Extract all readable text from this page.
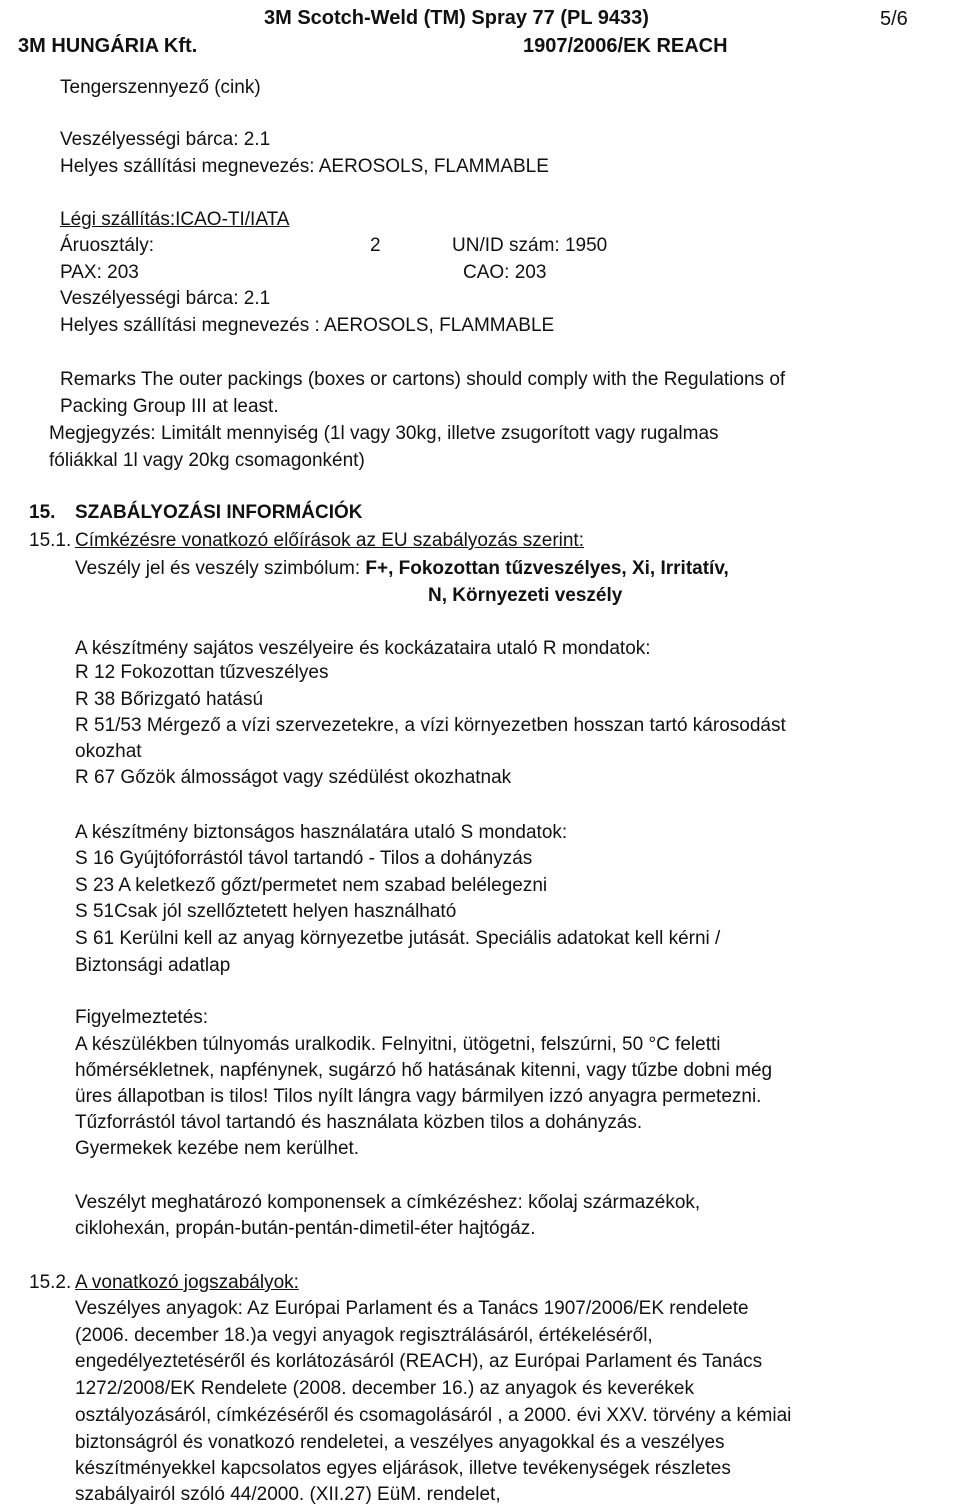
3M Scotch-Weld (TM) Spray 77 (PL 9433)	5/6
3M HUNGÁRIA Kft.	1907/2006/EK REACH
Tengerszennyező (cink)
Veszélyességi bárca: 2.1
Helyes szállítási megnevezés: AEROSOLS, FLAMMABLE
Légi szállítás:ICAO-TI/IATA
Áruosztály:	2	UN/ID szám: 1950
PAX: 203	CAO: 203
Veszélyességi bárca: 2.1
Helyes szállítási megnevezés : AEROSOLS, FLAMMABLE
Remarks The outer packings (boxes or cartons) should comply with the Regulations of
Packing Group III at least.
Megjegyzés: Limitált mennyiség (1l vagy 30kg, illetve zsugorított vagy rugalmas
fóliákkal 1l vagy 20kg csomagonként)
15. SZABÁLYOZÁSI INFORMÁCIÓK
15.1. Címkézésre vonatkozó előírások az EU szabályozás szerint:
Veszély jel és veszély szimbólum: F+, Fokozottan tűzveszélyes, Xi, Irritatív,
N, Környezeti veszély
A készítmény sajátos veszélyeire és kockázataira utaló R mondatok:
R 12 Fokozottan tűzveszélyes
R 38 Bőrizgató hatású
R 51/53 Mérgező a vízi szervezetekre, a vízi környezetben hosszan tartó károsodást
okozhat
R 67 Gőzök álmosságot vagy szédülést okozhatnak
A készítmény biztonságos használatára utaló S mondatok:
S 16 Gyújtóforrástól távol tartandó - Tilos a dohányzás
S 23 A keletkező gőzt/permetet nem szabad belélegezni
S 51Csak jól szellőztetett helyen használható
S 61 Kerülni kell az anyag környezetbe jutását. Speciális adatokat kell kérni /
Biztonsági adatlap
Figyelmeztetés:
A készülékben túlnyomás uralkodik. Felnyitni, ütögetni, felszúrni, 50 °C feletti
hőmérsékletnek, napfénynek, sugárzó hő hatásának kitenni, vagy tűzbe dobni még
üres állapotban is tilos! Tilos nyílt lángra vagy bármilyen izzó anyagra permetezni.
Tűzforrástól távol tartandó és használata közben tilos a dohányzás.
Gyermekek kezébe nem kerülhet.
Veszélyt meghatározó komponensek a címkézéshez: kőolaj származékok,
ciklohexán, propán-bután-pentán-dimetil-éter hajtógáz.
15.2. A vonatkozó jogszabályok:
Veszélyes anyagok: Az Európai Parlament és a Tanács 1907/2006/EK rendelete
(2006. december 18.)a vegyi anyagok regisztrálásáról, értékeléséről,
engedélyeztetéséről és korlátozásáról (REACH), az Európai Parlament és Tanács
1272/2008/EK Rendelete (2008. december 16.) az anyagok és keverékek
osztályozásáról, címkézéséről és csomagolásáról , a 2000. évi XXV. törvény a kémiai
biztonságról és vonatkozó rendeletei, a veszélyes anyagokkal és a veszélyes
készítményekkel kapcsolatos egyes eljárások, illetve tevékenységek részletes
szabályairól szóló 44/2000. (XII.27) EüM. rendelet,
